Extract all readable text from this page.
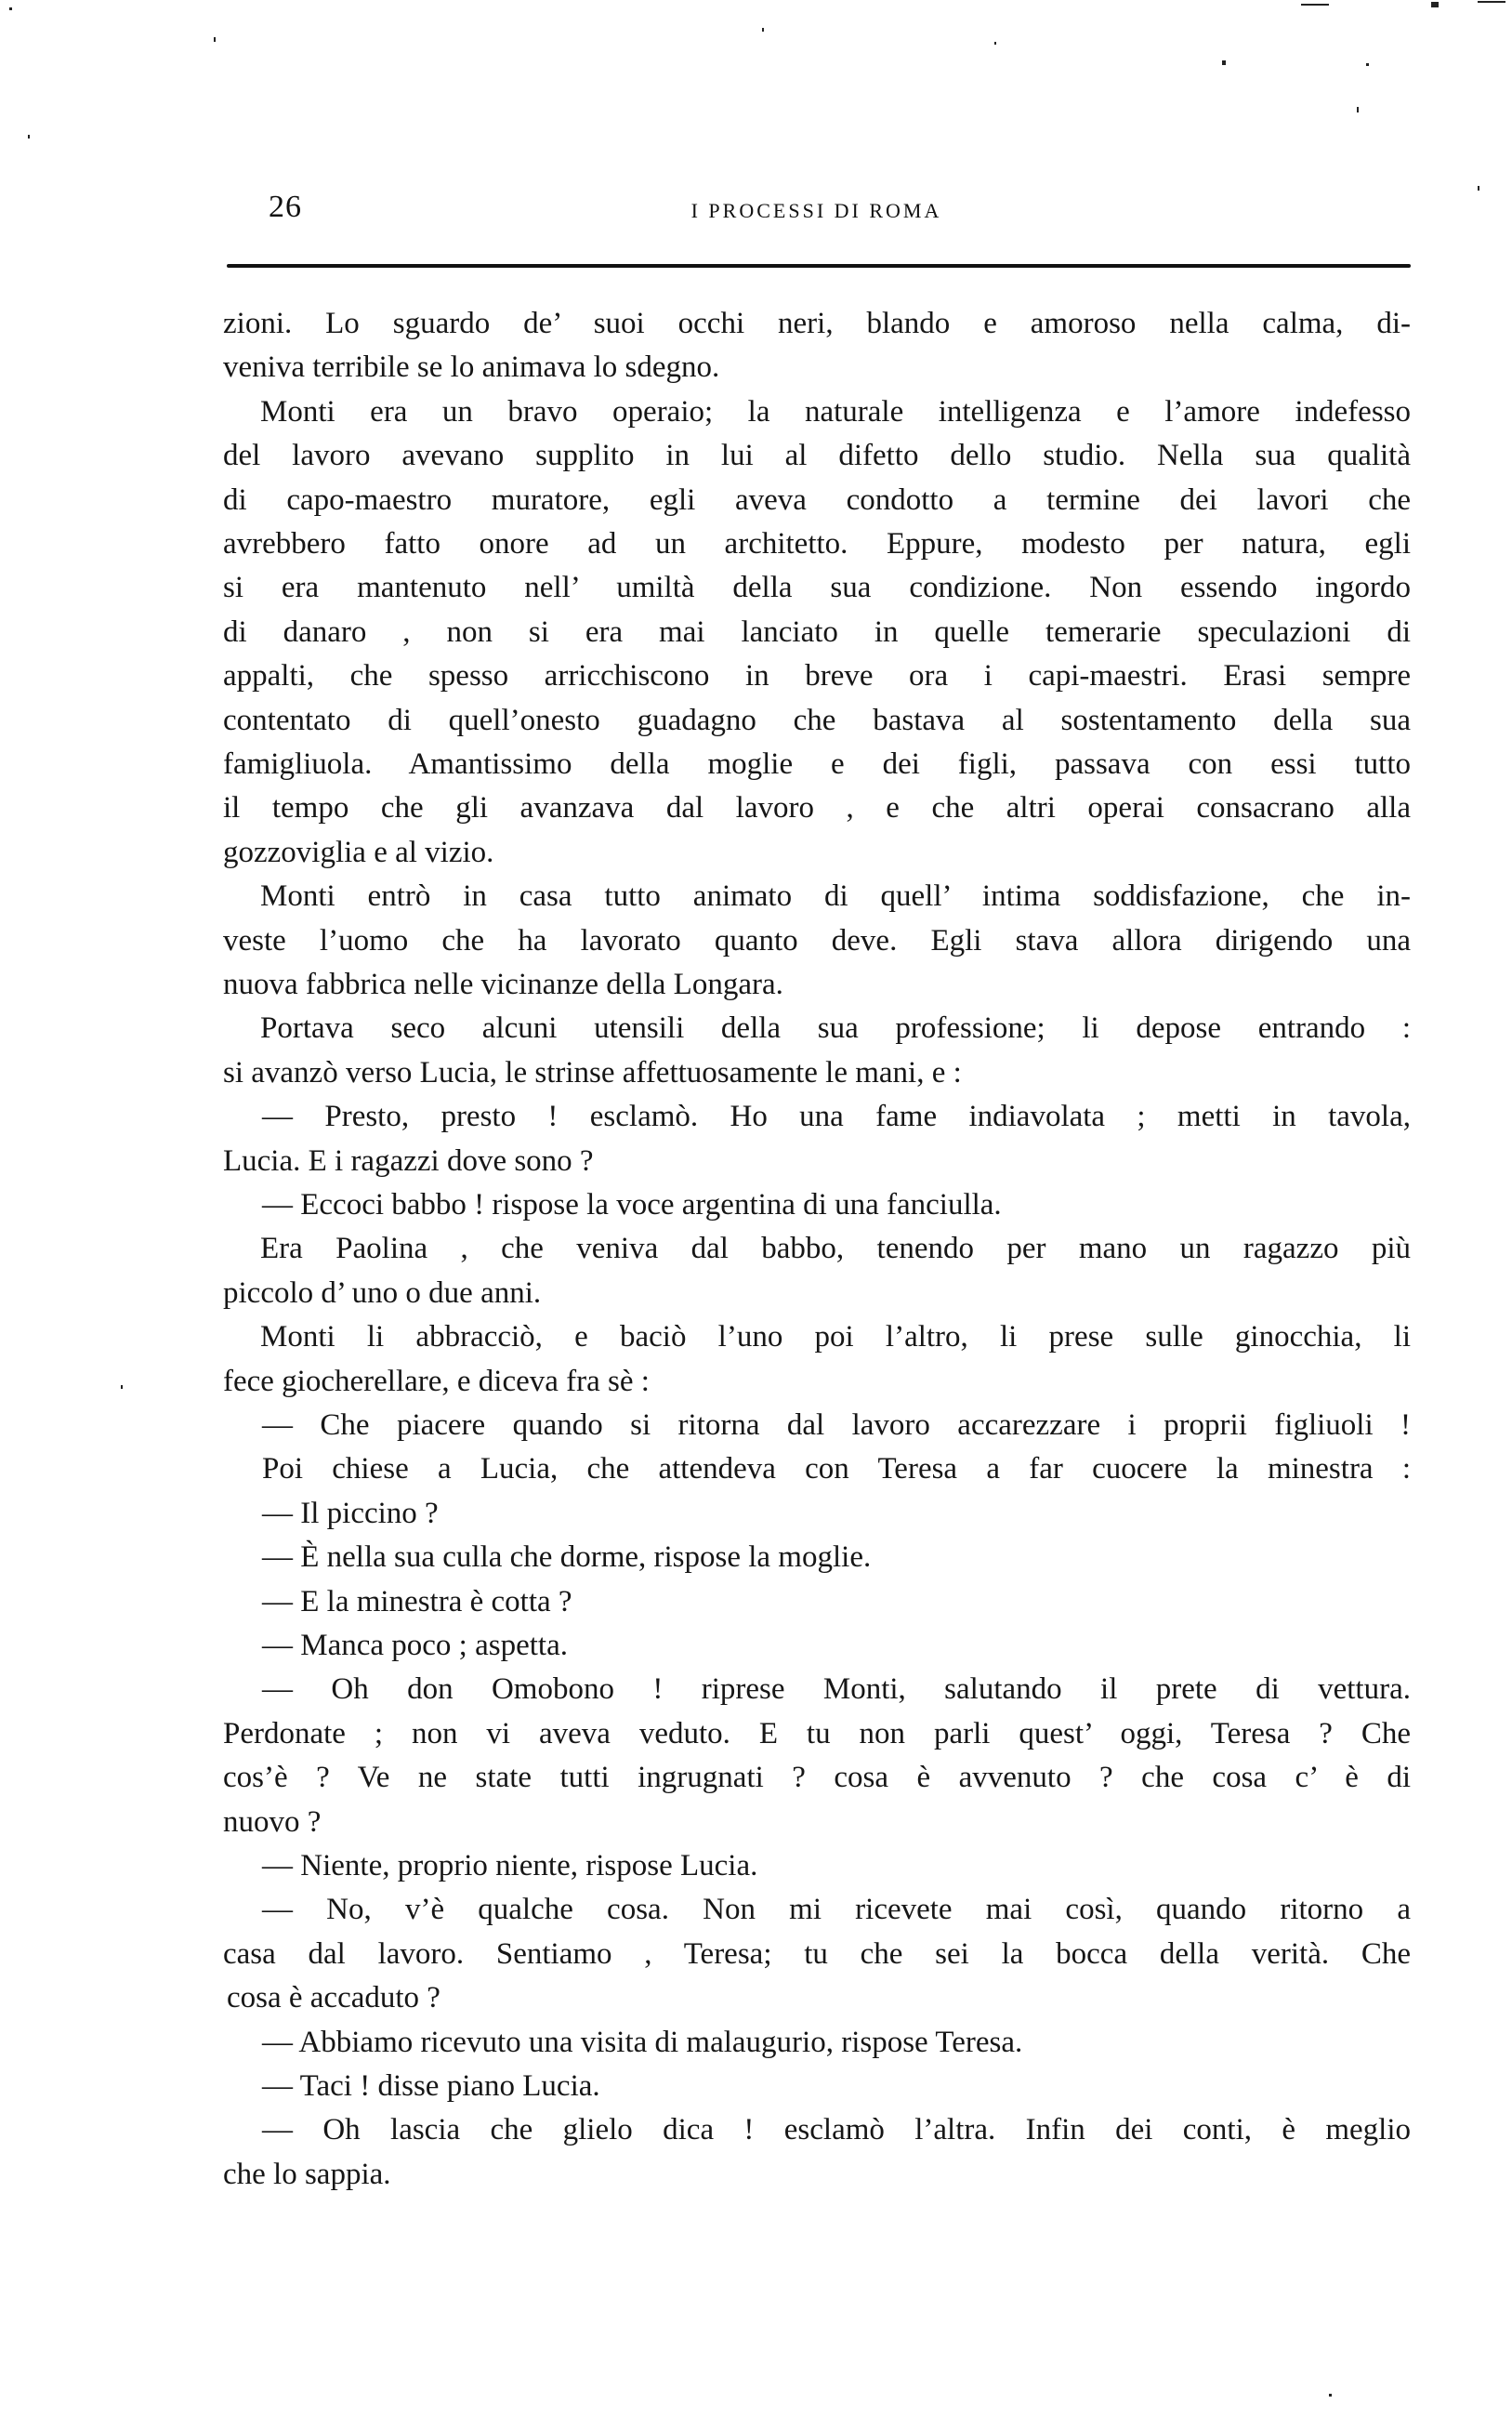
26	I PROCESSI DI ROMA
zioni. Lo sguardo de’ suoi occhi neri, blando e amoroso nella calma, di-
veniva terribile se lo animava lo sdegno.
Monti era un bravo operaio; la naturale intelligenza e l’amore indefesso
del lavoro avevano supplito in lui al difetto dello studio. Nella sua qualità
di capo-maestro muratore, egli aveva condotto a termine dei lavori che
avrebbero fatto onore ad un architetto. Eppure, modesto per natura, egli
si era mantenuto nell’ umiltà della sua condizione. Non essendo ingordo
di danaro , non si era mai lanciato in quelle temerarie speculazioni di
appalti, che spesso arricchiscono in breve ora i capi-maestri. Erasi sempre
contentato di quell’onesto guadagno che bastava al sostentamento della sua
famigliuola. Amantissimo della moglie e dei figli, passava con essi tutto
il tempo che gli avanzava dal lavoro , e che altri operai consacrano alla
gozzoviglia e al vizio.
Monti entrò in casa tutto animato di quell’ intima soddisfazione, che in-
veste l’uomo che ha lavorato quanto deve. Egli stava allora dirigendo una
nuova fabbrica nelle vicinanze della Longara.
Portava seco alcuni utensili della sua professione; li depose entrando :
si avanzò verso Lucia, le strinse affettuosamente le mani, e :
— Presto, presto ! esclamò. Ho una fame indiavolata ; metti in tavola,
Lucia. E i ragazzi dove sono ?
— Eccoci babbo ! rispose la voce argentina di una fanciulla.
Era Paolina , che veniva dal babbo, tenendo per mano un ragazzo più
piccolo d’ uno o due anni.
Monti li abbracciò, e baciò l’uno poi l’altro, li prese sulle ginocchia, li
fece giocherellare, e diceva fra sè :
— Che piacere quando si ritorna dal lavoro accarezzare i proprii figliuoli !
Poi chiese a Lucia, che attendeva con Teresa a far cuocere la minestra :
— Il piccino ?
— È nella sua culla che dorme, rispose la moglie.
— E la minestra è cotta ?
— Manca poco ; aspetta.
— Oh don Omobono ! riprese Monti, salutando il prete di vettura.
Perdonate ; non vi aveva veduto. E tu non parli quest’ oggi, Teresa ? Che
cos’è ? Ve ne state tutti ingrugnati ? cosa è avvenuto ? che cosa c’ è di
nuovo ?
— Niente, proprio niente, rispose Lucia.
— No, v’è qualche cosa. Non mi ricevete mai così, quando ritorno a
casa dal lavoro. Sentiamo , Teresa; tu che sei la bocca della verità. Che
cosa è accaduto ?
— Abbiamo ricevuto una visita di malaugurio, rispose Teresa.
— Taci ! disse piano Lucia.
— Oh lascia che glielo dica ! esclamò l’altra. Infin dei conti, è meglio
che lo sappia.
